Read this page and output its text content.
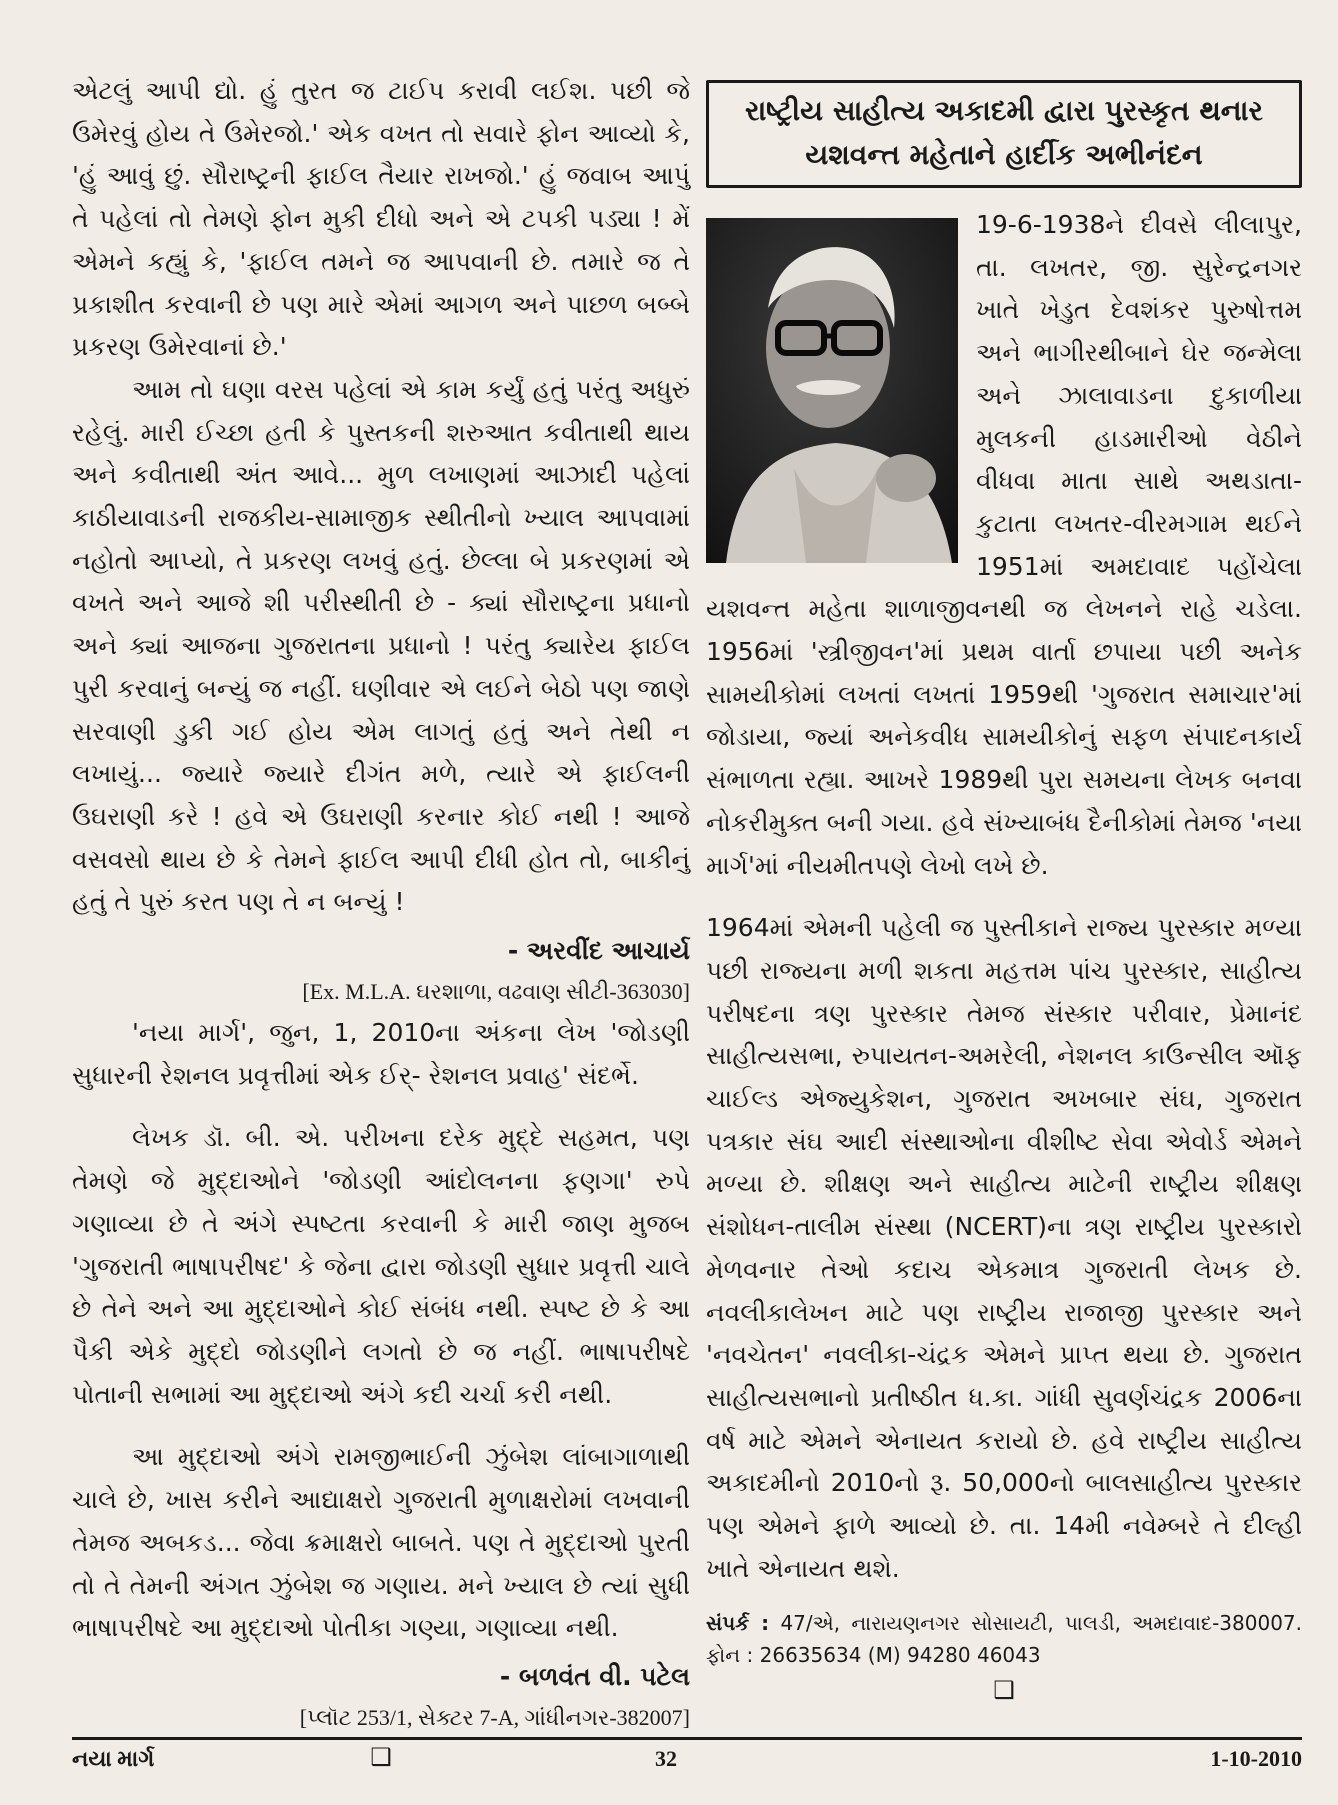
એટલું આપી દ્યો. હું તુરત જ ટાઈપ કરાવી લઈશ. પછી જે ઉમેરવું હોય તે ઉમેરજો.' એક વખત તો સવારે ફોન આવ્યો કે, 'હું આવું છું. સૌરાષ્ટ્રની ફાઈલ તૈયાર રાખજો.' હું જવાબ આપું તે પહેલાં તો તેમણે ફોન મુકી દીધો અને એ ટપકી પડ્યા ! મેં એમને કહ્યું કે, 'ફાઈલ તમને જ આપવાની છે. તમારે જ તે પ્રકાશીત કરવાની છે પણ મારે એમાં આગળ અને પાછળ બબ્બે પ્રકરણ ઉમેરવાનાં છે.'

આમ તો ઘણા વરસ પહેલાં એ કામ કર્યું હતું પરંતુ અધુરું રહેલું. મારી ઈચ્છા હતી કે પુસ્તકની શરુઆત કવીતાથી થાય અને કવીતાથી અંત આવે... મુળ લખાણમાં આઝાદી પહેલાં કાઠીયાવાડની રાજકીય-સામાજીક સ્થીતીનો ખ્યાલ આપવામાં નહોતો આપ્યો, તે પ્રકરણ લખવું હતું. છેલ્લા બે પ્રકરણમાં એ વખતે અને આજે શી પરીસ્થીતી છે - ક્યાં સૌરાષ્ટ્રના પ્રધાનો અને ક્યાં આજના ગુજરાતના પ્રધાનો ! પરંતુ ક્યારેય ફાઈલ પુરી કરવાનું બન્યું જ નહીં. ઘણીવાર એ લઈને બેઠો પણ જાણે સરવાણી ડુકી ગઈ હોય એમ લાગતું હતું અને તેથી ન લખાયું... જ્યારે જ્યારે દીગંત મળે, ત્યારે એ ફાઈલની ઉઘરાણી કરે ! હવે એ ઉઘરાણી કરનાર કોઈ નથી ! આજે વસવસો થાય છે કે તેમને ફાઈલ આપી દીધી હોત તો, બાકીનું હતું તે પુરું કરત પણ તે ન બન્યું !

- અરવીંદ આચાર્ય
[Ex. M.L.A. ઘરશાળા, વઢવાણ સીટી-363030]

'નયા માર્ગ', જુન, 1, 2010ના અંકના લેખ 'જોડણી સુધારની રેશનલ પ્રવૃત્તીમાં એક ઈર્- રેશનલ પ્રવાહ' સંદર્ભે.

લેખક ડૉ. બી. એ. પરીખના દરેક મુદ્દે સહમત, પણ તેમણે જે મુદ્દાઓને 'જોડણી આંદોલનના ફણગા' રુપે ગણાવ્યા છે તે અંગે સ્પષ્ટતા કરવાની કે મારી જાણ મુજબ 'ગુજરાતી ભાષાપરીષદ' કે જેના દ્વારા જોડણી સુધાર પ્રવૃત્તી ચાલે છે તેને અને આ મુદ્દાઓને કોઈ સંબંધ નથી. સ્પષ્ટ છે કે આ પૈકી એકે મુદ્દો જોડણીને લગતો છે જ નહીં. ભાષાપરીષદે પોતાની સભામાં આ મુદ્દાઓ અંગે કદી ચર્ચા કરી નથી.

આ મુદ્દાઓ અંગે રામજીભાઈની ઝુંબેશ લાંબાગાળાથી ચાલે છે, ખાસ કરીને આદ્યાક્ષરો ગુજરાતી મુળાક્ષરોમાં લખવાની તેમજ અબકડ... જેવા ક્રમાક્ષરો બાબતે. પણ તે મુદ્દાઓ પુરતી તો તે તેમની અંગત ઝુંબેશ જ ગણાય. મને ખ્યાલ છે ત્યાં સુધી ભાષાપરીષદે આ મુદ્દાઓ પોતીકા ગણ્યા, ગણાવ્યા નથી.

- બળવંત વી. પટેલ
[પ્લૉટ 253/1, સેક્ટર 7-A, ગાંધીનગર-382007]
❑
રાષ્ટ્રીય સાહીત્ય અકાદમી દ્વારા પુરસ્કૃત થનાર યશવન્ત મહેતાને હાર્દીક અભીનંદન

19-6-1938ને દીવસે લીલાપુર, તા. લખતર, જી. સુરેન્દ્રનગર ખાતે ખેડુત દેવશંકર પુરુષોત્તમ અને ભાગીરથીબાને ઘેર જન્મેલા અને ઝાલાવાડના દુકાળીયા મુલકની હાડમારીઓ વેઠીને વીધવા માતા સાથે અથડાતા-કુટાતા લખતર-વીરમગામ થઈને 1951માં અમદાવાદ પહોંચેલા યશવન્ત મહેતા શાળાજીવનથી જ લેખનને રાહે ચડેલા. 1956માં 'સ્ત્રીજીવન'માં પ્રથમ વાર્તા છપાયા પછી અનેક સામયીકોમાં લખતાં લખતાં 1959થી 'ગુજરાત સમાચાર'માં જોડાયા, જ્યાં અનેકવીધ સામયીકોનું સફળ સંપાદનકાર્ય સંભાળતા રહ્યા. આખરે 1989થી પુરા સમયના લેખક બનવા નોકરીમુક્ત બની ગયા. હવે સંખ્યાબંધ દૈનીકોમાં તેમજ 'નયા માર્ગ'માં નીયમીતપણે લેખો લખે છે.

1964માં એમની પહેલી જ પુસ્તીકાને રાજ્ય પુરસ્કાર મળ્યા પછી રાજ્યના મળી શકતા મહત્તમ પાંચ પુરસ્કાર, સાહીત્ય પરીષદના ત્રણ પુરસ્કાર તેમજ સંસ્કાર પરીવાર, પ્રેમાનંદ સાહીત્યસભા, રુપાયતન-અમરેલી, નેશનલ કાઉન્સીલ ઑફ ચાઈલ્ડ એજ્યુકેશન, ગુજરાત અખબાર સંઘ, ગુજરાત પત્રકાર સંઘ આદી સંસ્થાઓના વીશીષ્ટ સેવા એવોર્ડ એમને મળ્યા છે. શીક્ષણ અને સાહીત્ય માટેની રાષ્ટ્રીય શીક્ષણ સંશોધન-તાલીમ સંસ્થા (NCERT)ના ત્રણ રાષ્ટ્રીય પુરસ્કારો મેળવનાર તેઓ કદાચ એકમાત્ર ગુજરાતી લેખક છે. નવલીકાલેખન માટે પણ રાષ્ટ્રીય રાજાજી પુરસ્કાર અને 'નવચેતન' નવલીકા-ચંદ્રક એમને પ્રાપ્ત થયા છે. ગુજરાત સાહીત્યસભાનો પ્રતીષ્ઠીત ધ.કા. ગાંધી સુવર્ણચંદ્રક 2006ના વર્ષ માટે એમને એનાયત કરાયો છે. હવે રાષ્ટ્રીય સાહીત્ય અકાદમીનો 2010નો રૂ. 50,000નો બાલસાહીત્ય પુરસ્કાર પણ એમને ફાળે આવ્યો છે. તા. 14મી નવેમ્બરે તે દીલ્હી ખાતે એનાયત થશે.

સંપર્ક : 47/એ, નારાયણનગર સોસાયટી, પાલડી, અમદાવાદ-380007. ફોન : 26635634 (M) 94280 46043
❑
નયા માર્ગ	32	1-10-2010
